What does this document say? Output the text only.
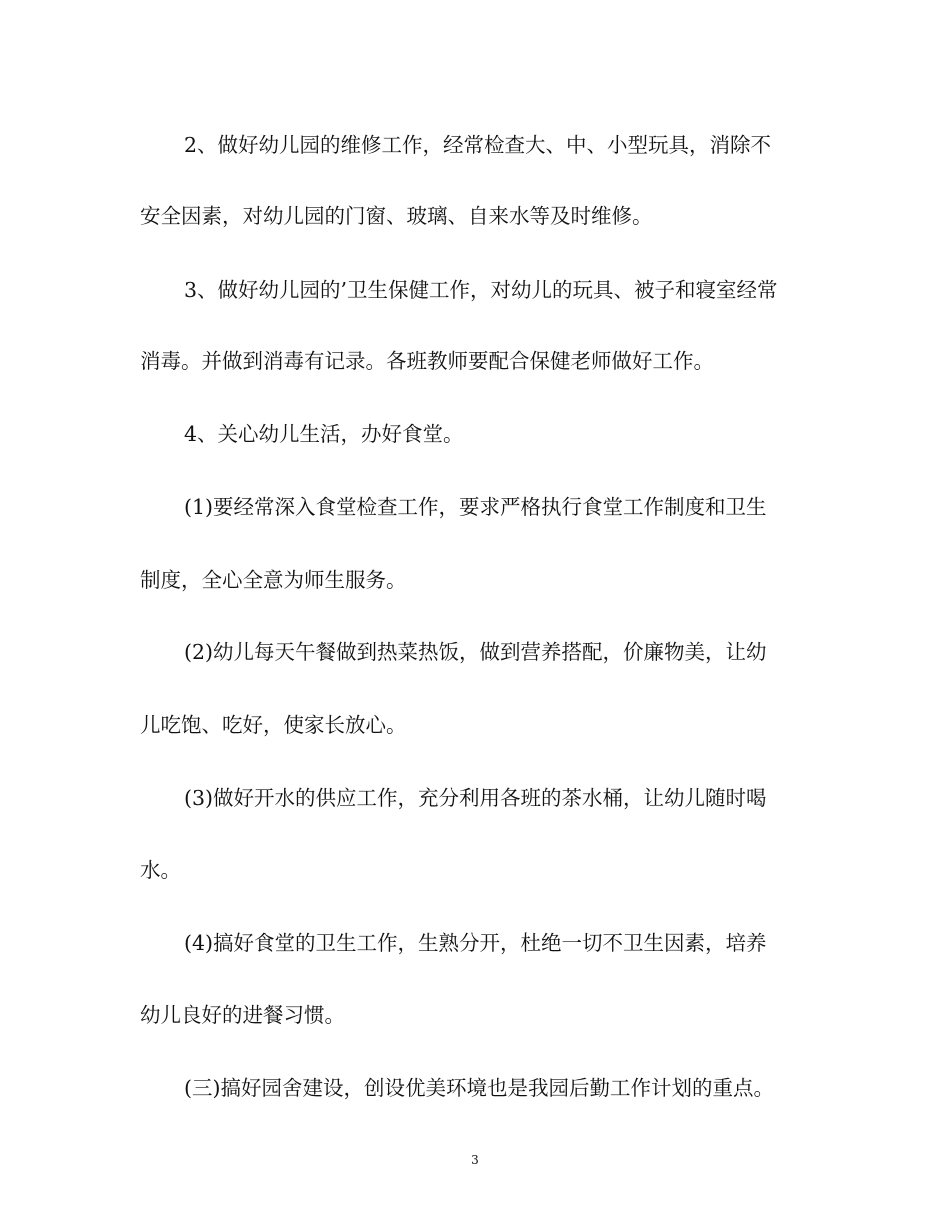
2、做好幼儿园的维修工作，经常检查大、中、小型玩具，消除不
安全因素，对幼儿园的门窗、玻璃、自来水等及时维修。
3、做好幼儿园的’卫生保健工作，对幼儿的玩具、被子和寝室经常
消毒。并做到消毒有记录。各班教师要配合保健老师做好工作。
4、关心幼儿生活，办好食堂。
(1)要经常深入食堂检查工作，要求严格执行食堂工作制度和卫生
制度，全心全意为师生服务。
(2)幼儿每天午餐做到热菜热饭，做到营养搭配，价廉物美，让幼
儿吃饱、吃好，使家长放心。
(3)做好开水的供应工作，充分利用各班的茶水桶，让幼儿随时喝
水。
(4)搞好食堂的卫生工作，生熟分开，杜绝一切不卫生因素，培养
幼儿良好的进餐习惯。
(三)搞好园舍建设，创设优美环境也是我园后勤工作计划的重点。
3
